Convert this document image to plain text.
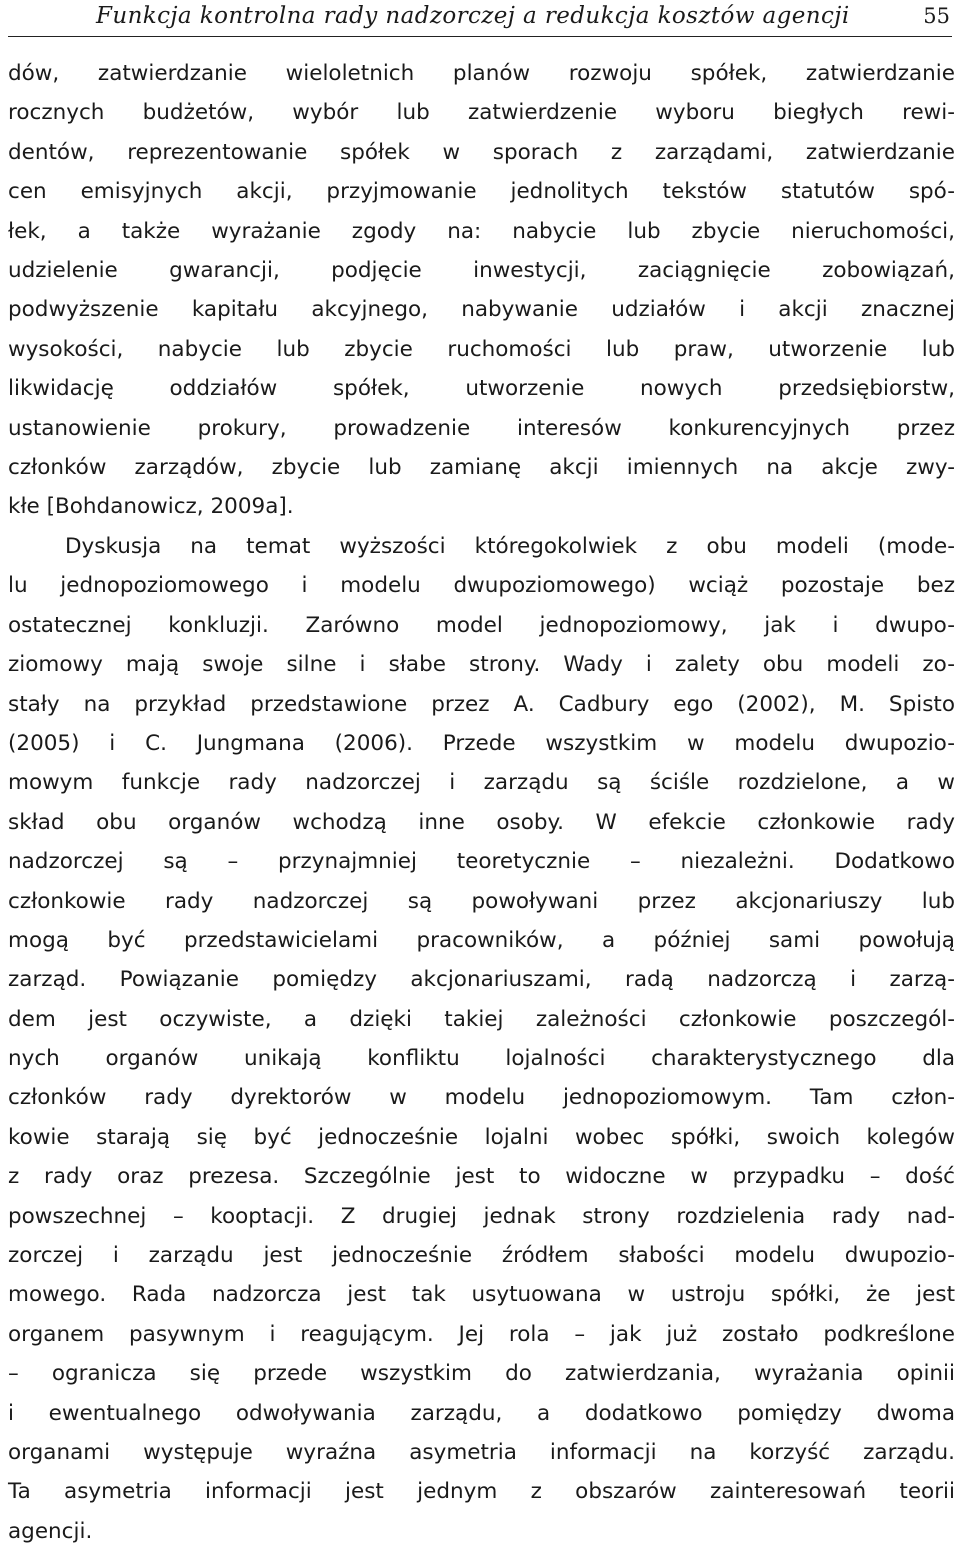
Funkcja kontrolna rady nadzorczej a redukcja kosztów agencji	55
dów, zatwierdzanie wieloletnich planów rozwoju spółek, zatwierdzanie
rocznych budżetów, wybór lub zatwierdzenie wyboru biegłych rewi-
dentów, reprezentowanie spółek w sporach z zarządami, zatwierdzanie
cen emisyjnych akcji, przyjmowanie jednolitych tekstów statutów spó-
łek, a także wyrażanie zgody na: nabycie lub zbycie nieruchomości,
udzielenie gwarancji, podjęcie inwestycji, zaciągnięcie zobowiązań,
podwyższenie kapitału akcyjnego, nabywanie udziałów i akcji znacznej
wysokości, nabycie lub zbycie ruchomości lub praw, utworzenie lub
likwidację oddziałów spółek, utworzenie nowych przedsiębiorstw,
ustanowienie prokury, prowadzenie interesów konkurencyjnych przez
członków zarządów, zbycie lub zamianę akcji imiennych na akcje zwy-
kłe [Bohdanowicz, 2009a].
Dyskusja na temat wyższości któregokolwiek z obu modeli (mode-
lu jednopoziomowego i modelu dwupoziomowego) wciąż pozostaje bez
ostatecznej konkluzji. Zarówno model jednopoziomowy, jak i dwupo-
ziomowy mają swoje silne i słabe strony. Wady i zalety obu modeli zo-
stały na przykład przedstawione przez A. Cadbury ego (2002), M. Spisto
(2005) i C. Jungmana (2006). Przede wszystkim w modelu dwupozio-
mowym funkcje rady nadzorczej i zarządu są ściśle rozdzielone, a w
skład obu organów wchodzą inne osoby. W efekcie członkowie rady
nadzorczej są – przynajmniej teoretycznie – niezależni. Dodatkowo
członkowie rady nadzorczej są powoływani przez akcjonariuszy lub
mogą być przedstawicielami pracowników, a później sami powołują
zarząd. Powiązanie pomiędzy akcjonariuszami, radą nadzorczą i zarzą-
dem jest oczywiste, a dzięki takiej zależności członkowie poszczegól-
nych organów unikają konfliktu lojalności charakterystycznego dla
członków rady dyrektorów w modelu jednopoziomowym. Tam człon-
kowie starają się być jednocześnie lojalni wobec spółki, swoich kolegów
z rady oraz prezesa. Szczególnie jest to widoczne w przypadku – dość
powszechnej – kooptacji. Z drugiej jednak strony rozdzielenia rady nad-
zorczej i zarządu jest jednocześnie źródłem słabości modelu dwupozio-
mowego. Rada nadzorcza jest tak usytuowana w ustroju spółki, że jest
organem pasywnym i reagującym. Jej rola – jak już zostało podkreślone
– ogranicza się przede wszystkim do zatwierdzania, wyrażania opinii
i ewentualnego odwoływania zarządu, a dodatkowo pomiędzy dwoma
organami występuje wyraźna asymetria informacji na korzyść zarządu.
Ta asymetria informacji jest jednym z obszarów zainteresowań teorii
agencji.
